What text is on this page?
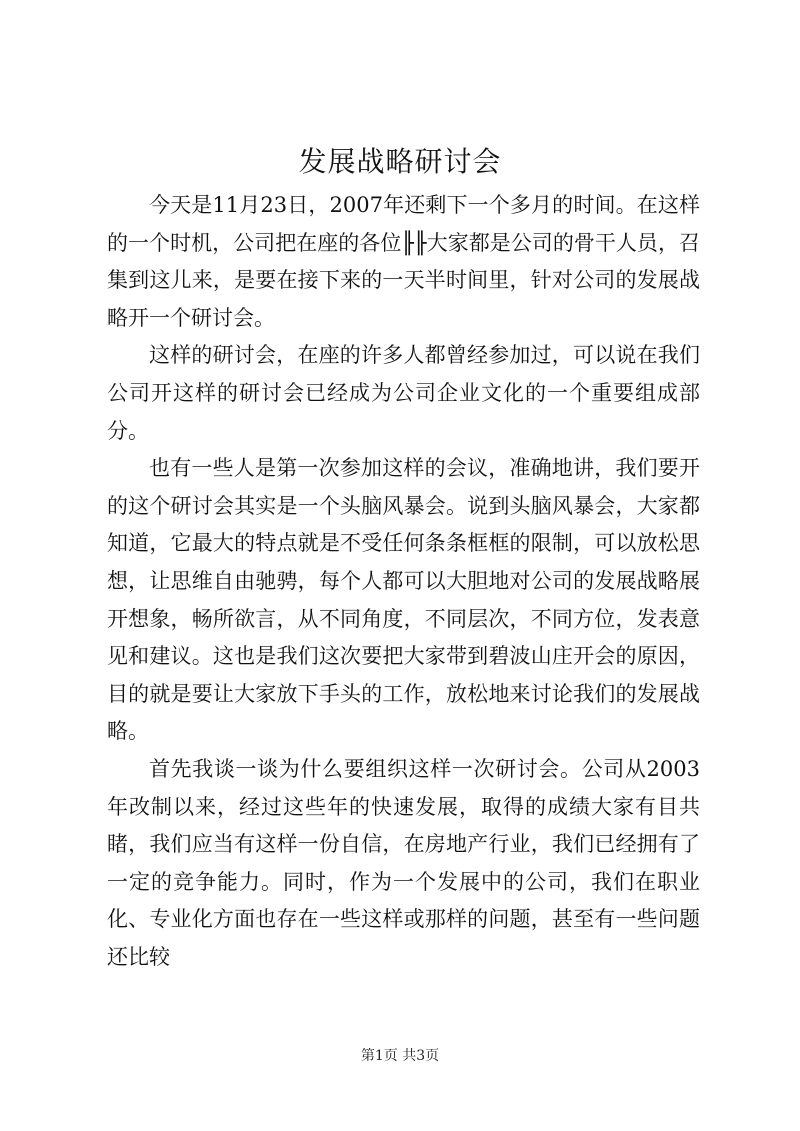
发展战略研讨会

今天是11月23日，2007年还剩下一个多月的时间。在这样的一个时机，公司把在座的各位╟╟大家都是公司的骨干人员，召集到这儿来，是要在接下来的一天半时间里，针对公司的发展战略开一个研讨会。

这样的研讨会，在座的许多人都曾经参加过，可以说在我们公司开这样的研讨会已经成为公司企业文化的一个重要组成部分。

也有一些人是第一次参加这样的会议，准确地讲，我们要开的这个研讨会其实是一个头脑风暴会。说到头脑风暴会，大家都知道，它最大的特点就是不受任何条条框框的限制，可以放松思想，让思维自由驰骋，每个人都可以大胆地对公司的发展战略展开想象，畅所欲言，从不同角度，不同层次，不同方位，发表意见和建议。这也是我们这次要把大家带到碧波山庄开会的原因，目的就是要让大家放下手头的工作，放松地来讨论我们的发展战略。

首先我谈一谈为什么要组织这样一次研讨会。公司从2003年改制以来，经过这些年的快速发展，取得的成绩大家有目共睹，我们应当有这样一份自信，在房地产行业，我们已经拥有了一定的竞争能力。同时，作为一个发展中的公司，我们在职业化、专业化方面也存在一些这样或那样的问题，甚至有一些问题还比较

第1页 共3页
